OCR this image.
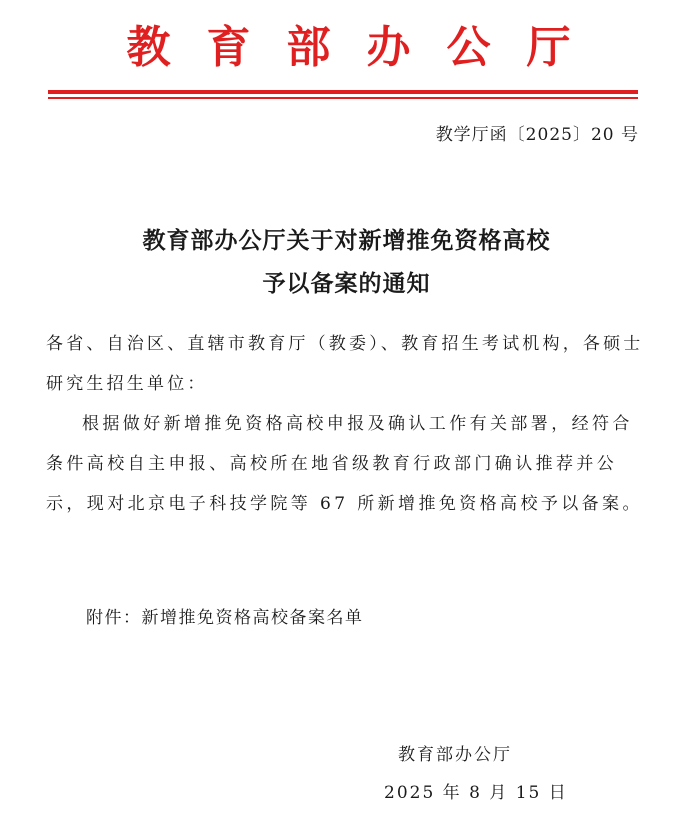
教育部办公厅
教学厅函〔2025〕20 号
教育部办公厅关于对新增推免资格高校
予以备案的通知
各省、自治区、直辖市教育厅（教委）、教育招生考试机构，各硕士研究生招生单位：
根据做好新增推免资格高校申报及确认工作有关部署，经符合条件高校自主申报、高校所在地省级教育行政部门确认推荐并公示，现对北京电子科技学院等 67 所新增推免资格高校予以备案。
附件：新增推免资格高校备案名单
教育部办公厅
2025 年 8 月 15 日
